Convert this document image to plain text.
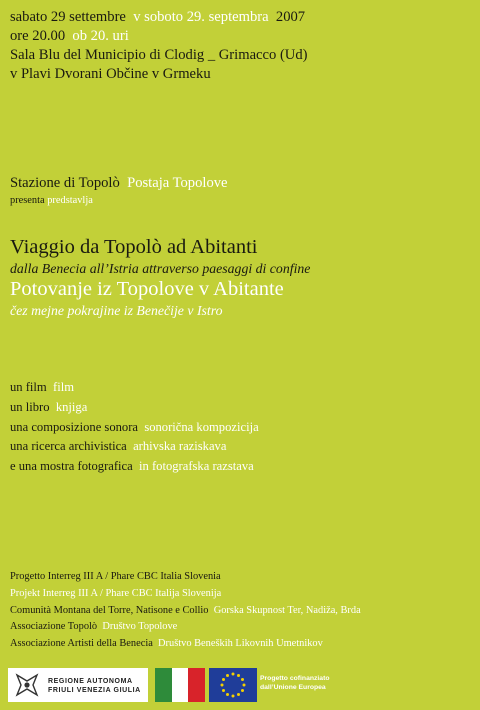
sabato 29 settembre v soboto 29. septembra 2007
ore 20.00 ob 20. uri
Sala Blu del Municipio di Clodig _ Grimacco (Ud)
v Plavi Dvorani Občine v Grmeku
Stazione di Topolò Postaja Topolove
presenta predstavlja
Viaggio da Topolò ad Abitanti
dalla Benecia all’Istria attraverso paesaggi di confine
Potovanje iz Topolove v Abitante
čez mejne pokrajine iz Benečije v Istro
un film film
un libro knjiga
una composizione sonora sonorična kompozicija
una ricerca archivistica arhivska raziskava
e una mostra fotografica in fotografska razstava
Progetto Interreg III A / Phare CBC Italia Slovenia
Projekt Interreg III A / Phare CBC Italija Slovenija
Comunità Montana del Torre, Natisone e Collio Gorska Skupnost Ter, Nadiža, Brda
Associazione Topolò Društvo Topolove
Associazione Artisti della Benecia Društvo Beneških Likovnih Umetnikov
REGIONE AUTONOMA
FRIULI VENEZIA GIULIA
Progetto cofinanziato
dall’Unione Europea
